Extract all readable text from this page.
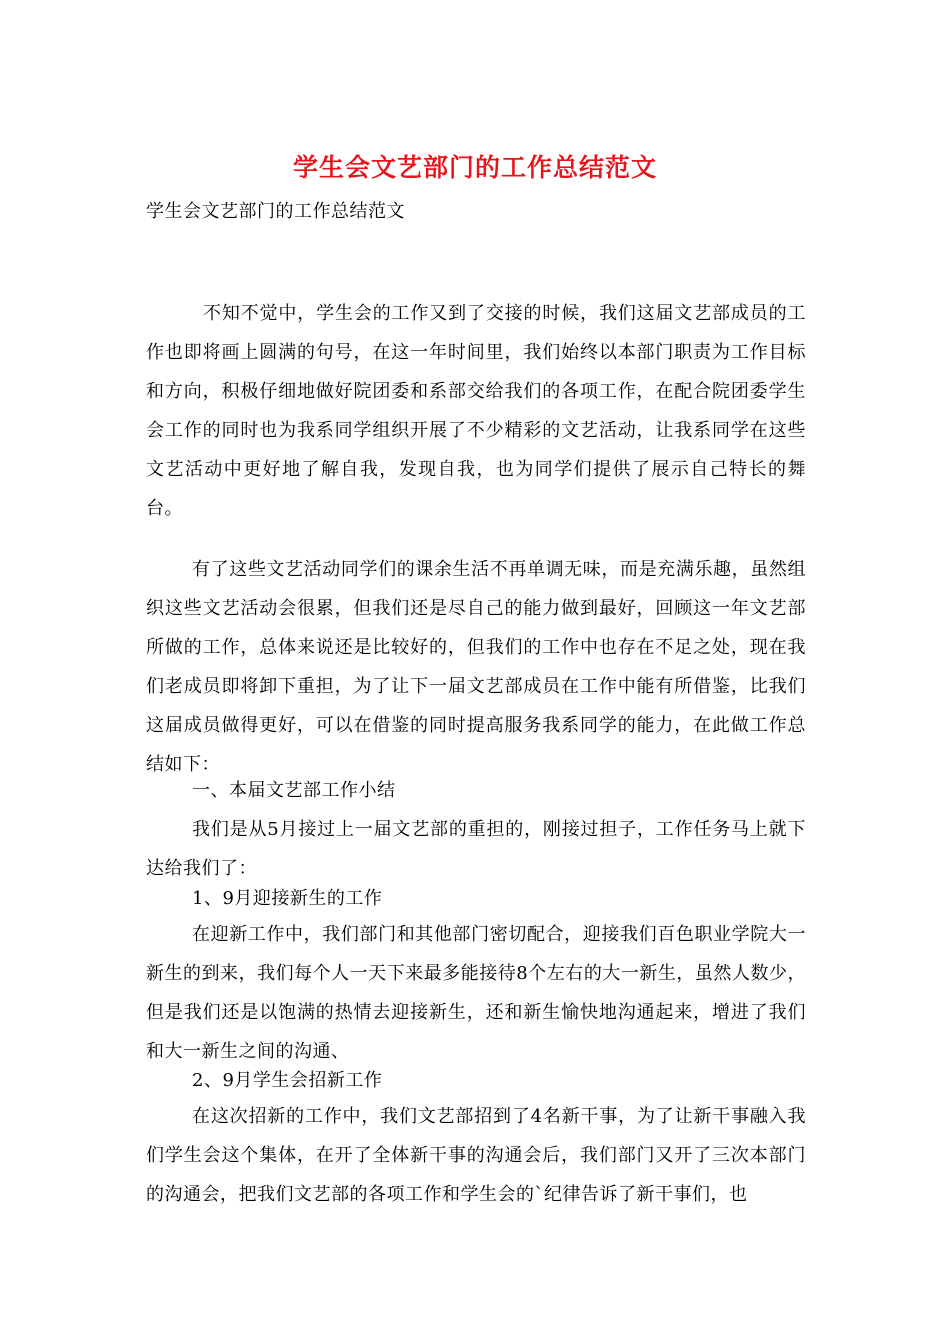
学生会文艺部门的工作总结范文
学生会文艺部门的工作总结范文
不知不觉中，学生会的工作又到了交接的时候，我们这届文艺部成员的工作也即将画上圆满的句号，在这一年时间里，我们始终以本部门职责为工作目标和方向，积极仔细地做好院团委和系部交给我们的各项工作，在配合院团委学生会工作的同时也为我系同学组织开展了不少精彩的文艺活动，让我系同学在这些文艺活动中更好地了解自我，发现自我，也为同学们提供了展示自己特长的舞台。
有了这些文艺活动同学们的课余生活不再单调无味，而是充满乐趣，虽然组织这些文艺活动会很累，但我们还是尽自己的能力做到最好，回顾这一年文艺部所做的工作，总体来说还是比较好的，但我们的工作中也存在不足之处，现在我们老成员即将卸下重担，为了让下一届文艺部成员在工作中能有所借鉴，比我们这届成员做得更好，可以在借鉴的同时提高服务我系同学的能力，在此做工作总结如下：
一、本届文艺部工作小结
我们是从5月接过上一届文艺部的重担的，刚接过担子，工作任务马上就下达给我们了：
1、9月迎接新生的工作
在迎新工作中，我们部门和其他部门密切配合，迎接我们百色职业学院大一新生的到来，我们每个人一天下来最多能接待8个左右的大一新生，虽然人数少，但是我们还是以饱满的热情去迎接新生，还和新生愉快地沟通起来，增进了我们和大一新生之间的沟通、
2、9月学生会招新工作
在这次招新的工作中，我们文艺部招到了4名新干事，为了让新干事融入我们学生会这个集体，在开了全体新干事的沟通会后，我们部门又开了三次本部门的沟通会，把我们文艺部的各项工作和学生会的`纪律告诉了新干事们，也
